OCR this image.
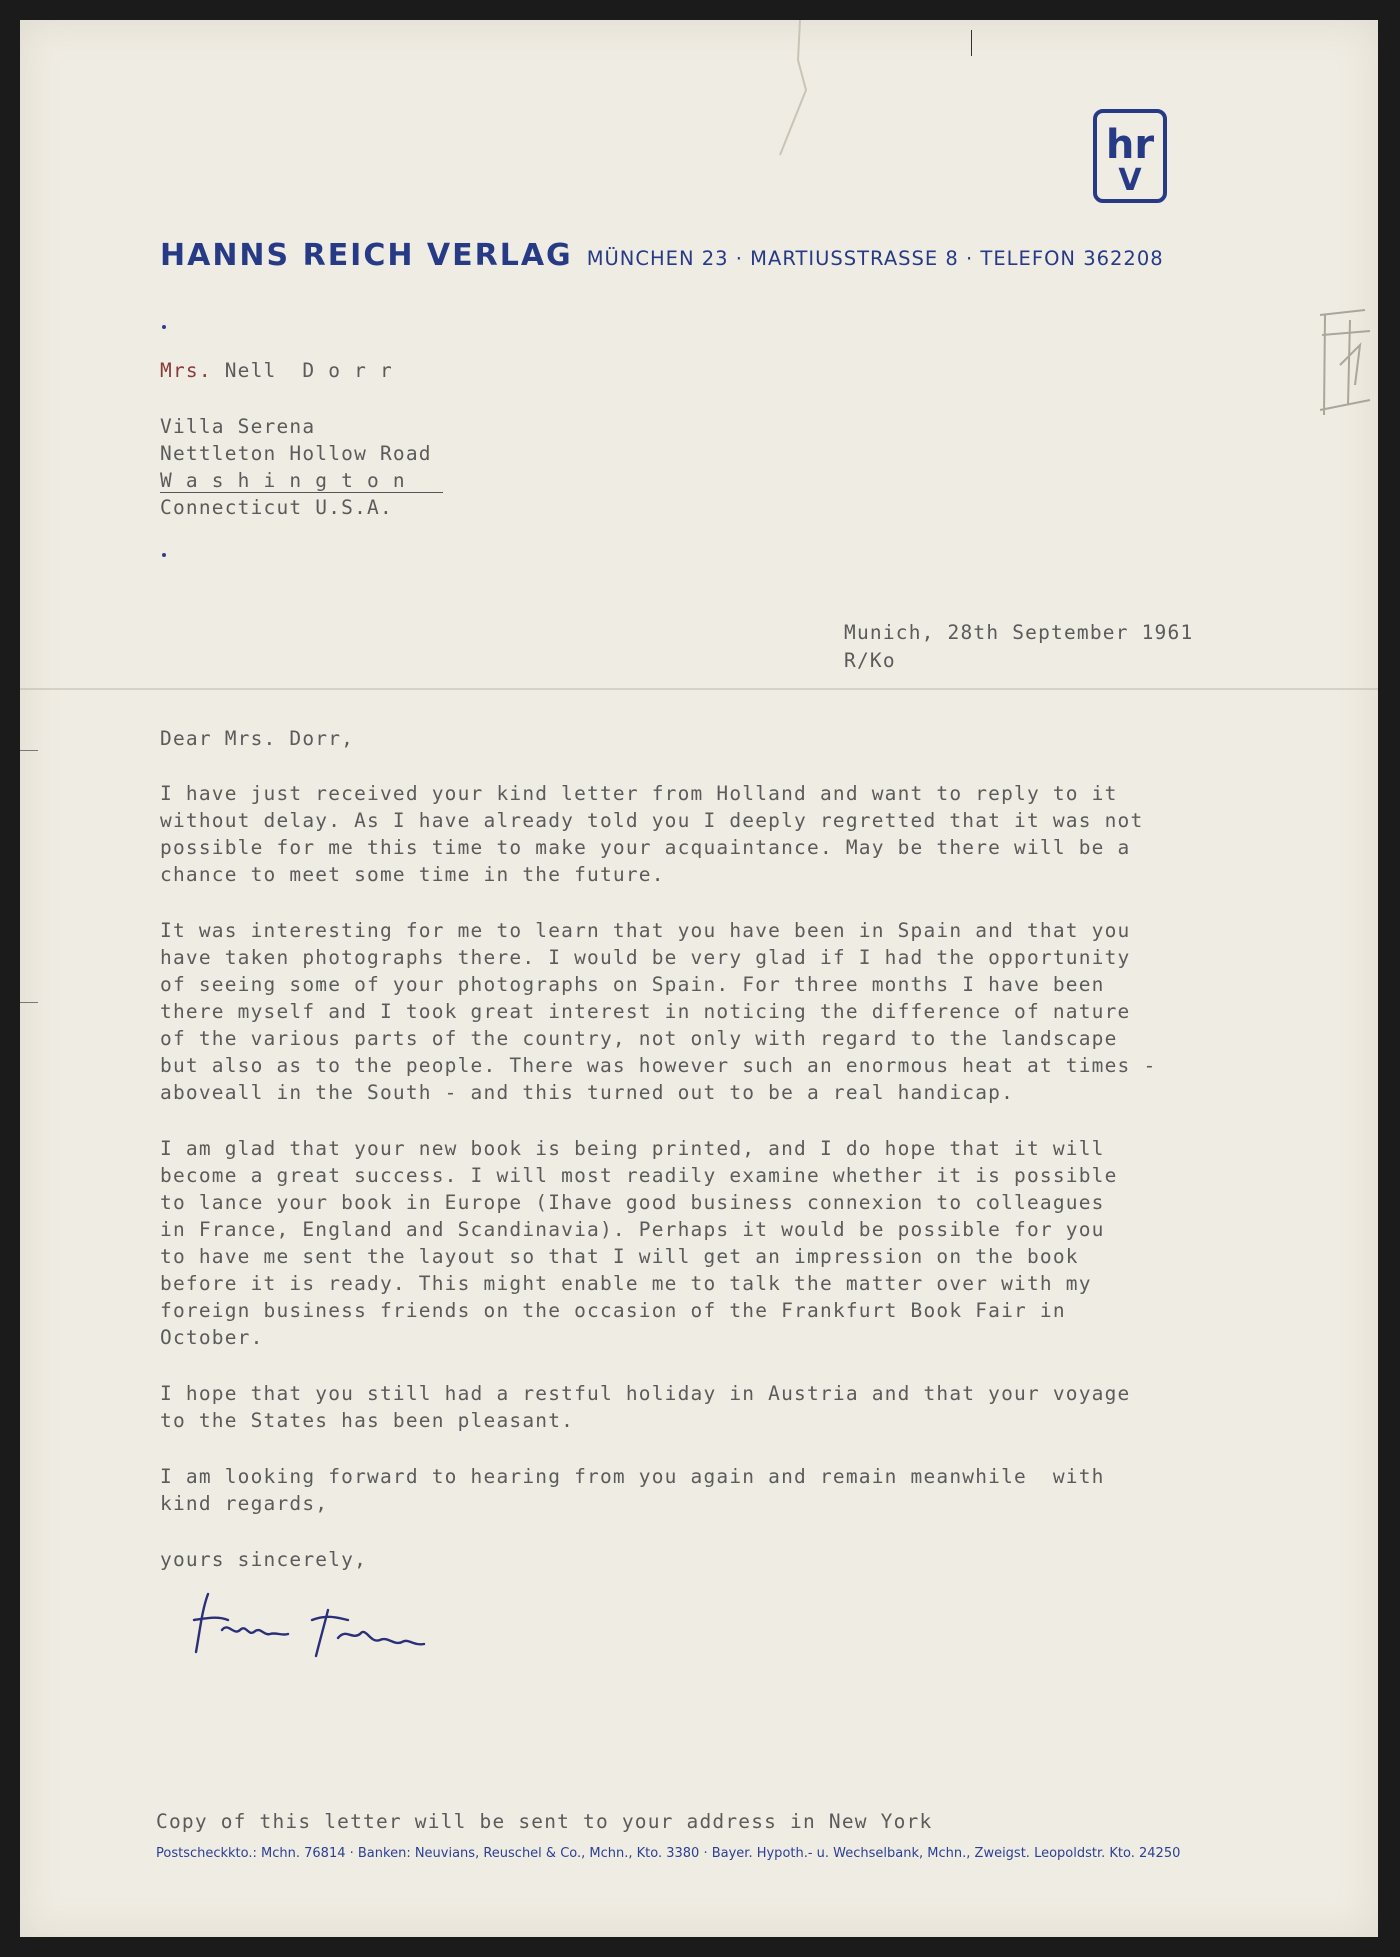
hr
V
HANNS REICH VERLAG MÜNCHEN 23 · MARTIUSSTRASSE 8 · TELEFON 362208
Mrs. Nell  D o r r
Villa Serena
Nettleton Hollow Road
W a s h i n g t o n
Connecticut U.S.A.
Munich, 28th September 1961
R/Ko
Dear Mrs. Dorr,
I have just received your kind letter from Holland and want to reply to it
without delay. As I have already told you I deeply regretted that it was not
possible for me this time to make your acquaintance. May be there will be a
chance to meet some time in the future.
It was interesting for me to learn that you have been in Spain and that you
have taken photographs there. I would be very glad if I had the opportunity
of seeing some of your photographs on Spain. For three months I have been
there myself and I took great interest in noticing the difference of nature
of the various parts of the country, not only with regard to the landscape
but also as to the people. There was however such an enormous heat at times -
aboveall in the South - and this turned out to be a real handicap.
I am glad that your new book is being printed, and I do hope that it will
become a great success. I will most readily examine whether it is possible
to lance your book in Europe (Ihave good business connexion to colleagues
in France, England and Scandinavia). Perhaps it would be possible for you
to have me sent the layout so that I will get an impression on the book
before it is ready. This might enable me to talk the matter over with my
foreign business friends on the occasion of the Frankfurt Book Fair in
October.
I hope that you still had a restful holiday in Austria and that your voyage
to the States has been pleasant.
I am looking forward to hearing from you again and remain meanwhile  with
kind regards,
yours sincerely,
Copy of this letter will be sent to your address in New York
Postscheckkto.: Mchn. 76814 · Banken: Neuvians, Reuschel & Co., Mchn., Kto. 3380 · Bayer. Hypoth.- u. Wechselbank, Mchn., Zweigst. Leopoldstr. Kto. 24250
